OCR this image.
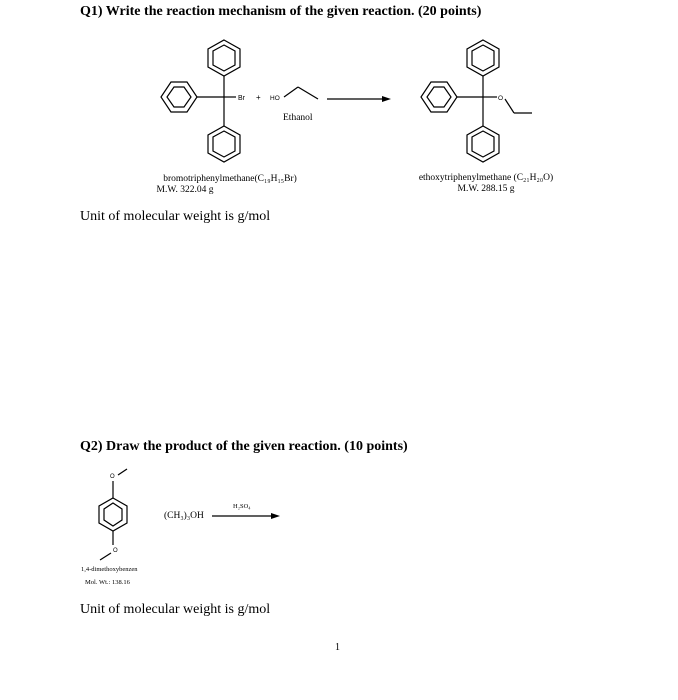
Q1) Write the reaction mechanism of the given reaction. (20 points)
Br + HO	O
Ethanol
bromotriphenylmethane(C₁₉H₁₅Br)
M.W. 322.04 g
ethoxytriphenylmethane (C₂₁H₂₀O)
M.W. 288.15 g
Unit of molecular weight is g/mol
Q2) Draw the product of the given reaction. (10 points)
O
O
(CH₃)₃OH
H₂SO₄
1,4-dimethoxybenzen
Mol. Wt.: 138.16
Unit of molecular weight is g/mol
1
